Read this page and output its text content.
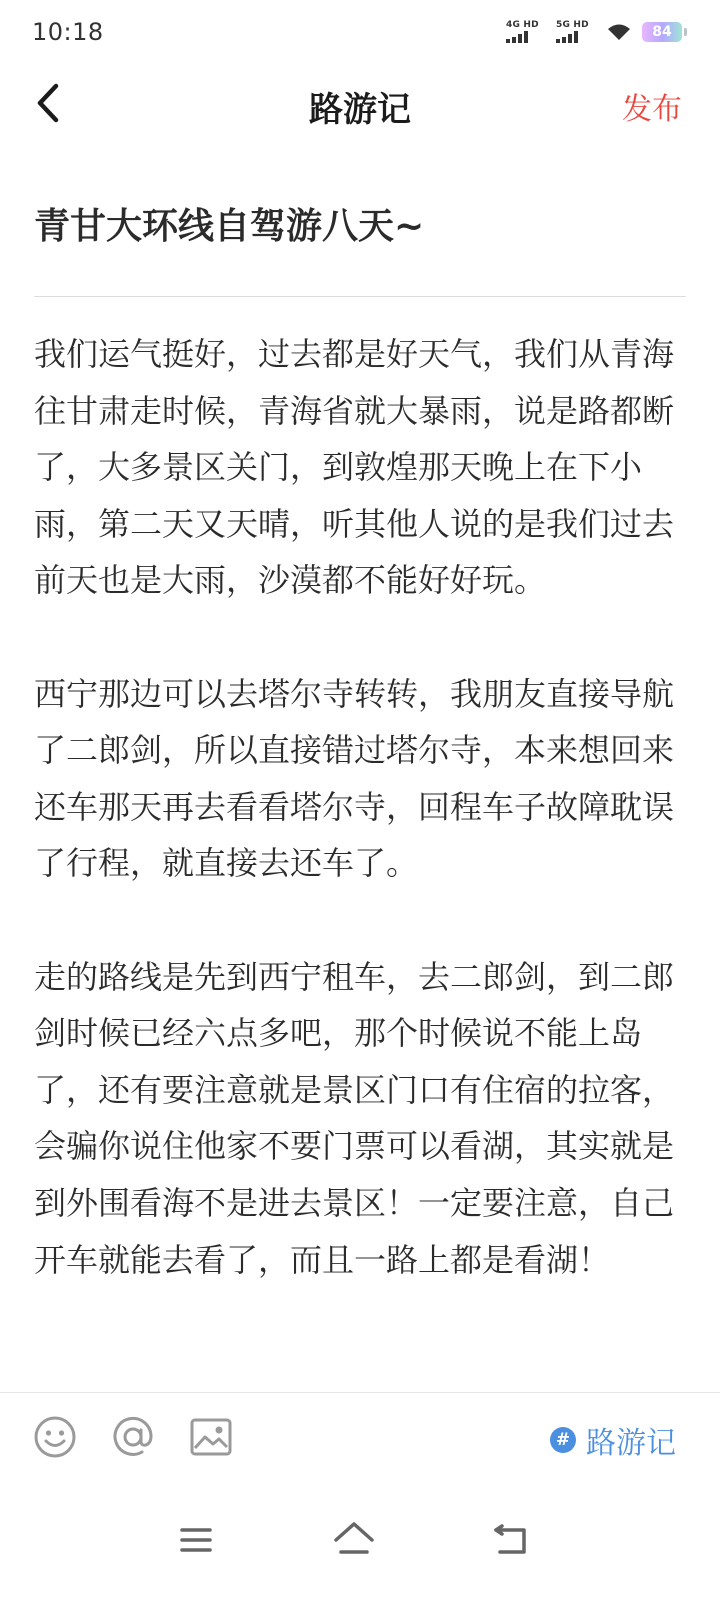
10:18	4G HD 5G HD	84
路游记	发布
青甘大环线自驾游八天~
我们运气挺好，过去都是好天气，我们从青海往甘肃走时候，青海省就大暴雨，说是路都断了，大多景区关门，到敦煌那天晚上在下小雨，第二天又天晴，听其他人说的是我们过去前天也是大雨，沙漠都不能好好玩。

西宁那边可以去塔尔寺转转，我朋友直接导航了二郎剑，所以直接错过塔尔寺，本来想回来还车那天再去看看塔尔寺，回程车子故障耽误了行程，就直接去还车了。

走的路线是先到西宁租车，去二郎剑，到二郎剑时候已经六点多吧，那个时候说不能上岛了，还有要注意就是景区门口有住宿的拉客，会骗你说住他家不要门票可以看湖，其实就是到外围看海不是进去景区！一定要注意，自己开车就能去看了，而且一路上都是看湖！
# 路游记
